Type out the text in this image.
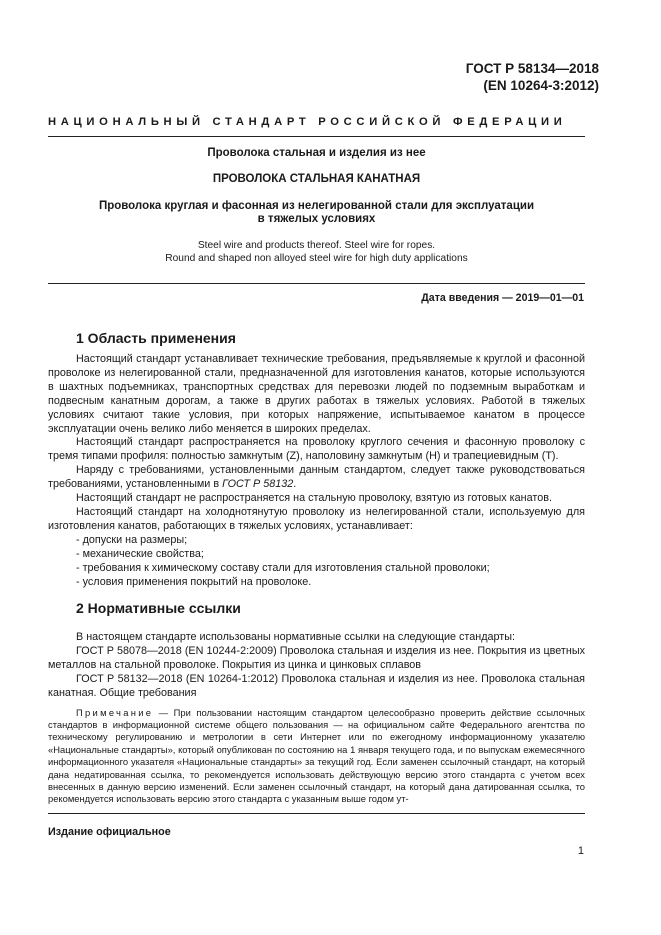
ГОСТ Р 58134—2018
(EN 10264-3:2012)
НАЦИОНАЛЬНЫЙ СТАНДАРТ РОССИЙСКОЙ ФЕДЕРАЦИИ
Проволока стальная и изделия из нее
ПРОВОЛОКА СТАЛЬНАЯ КАНАТНАЯ
Проволока круглая и фасонная из нелегированной стали для эксплуатации
в тяжелых условиях
Steel wire and products thereof. Steel wire for ropes.
Round and shaped non alloyed steel wire for high duty applications
Дата введения — 2019—01—01
1 Область применения

Настоящий стандарт устанавливает технические требования, предъявляемые к круглой и фасонной проволоке из нелегированной стали, предназначенной для изготовления канатов, которые используются в шахтных подъемниках, транспортных средствах для перевозки людей по подземным выработкам и подвесным канатным дорогам, а также в других работах в тяжелых условиях. Работой в тяжелых условиях считают такие условия, при которых напряжение, испытываемое канатом в процессе эксплуатации очень велико либо меняется в широких пределах.

Настоящий стандарт распространяется на проволоку круглого сечения и фасонную проволоку с тремя типами профиля: полностью замкнутым (Z), наполовину замкнутым (H) и трапециевидным (T).

Наряду с требованиями, установленными данным стандартом, следует также руководствоваться требованиями, установленными в ГОСТ Р 58132.

Настоящий стандарт не распространяется на стальную проволоку, взятую из готовых канатов.

Настоящий стандарт на холоднотянутую проволоку из нелегированной стали, используемую для изготовления канатов, работающих в тяжелых условиях, устанавливает:

- допуски на размеры;
- механические свойства;
- требования к химическому составу стали для изготовления стальной проволоки;
- условия применения покрытий на проволоке.
2 Нормативные ссылки

В настоящем стандарте использованы нормативные ссылки на следующие стандарты:

ГОСТ Р 58078—2018 (EN 10244-2:2009) Проволока стальная и изделия из нее. Покрытия из цветных металлов на стальной проволоке. Покрытия из цинка и цинковых сплавов

ГОСТ Р 58132—2018 (EN 10264-1:2012) Проволока стальная и изделия из нее. Проволока стальная канатная. Общие требования

Примечание — При пользовании настоящим стандартом целесообразно проверить действие ссылочных стандартов в информационной системе общего пользования — на официальном сайте Федерального агентства по техническому регулированию и метрологии в сети Интернет или по ежегодному информационному указателю «Национальные стандарты», который опубликован по состоянию на 1 января текущего года, и по выпускам ежемесячного информационного указателя «Национальные стандарты» за текущий год. Если заменен ссылочный стандарт, на который дана недатированная ссылка, то рекомендуется использовать действующую версию этого стандарта с учетом всех внесенных в данную версию изменений. Если заменен ссылочный стандарт, на который дана датированная ссылка, то рекомендуется использовать версию этого стандарта с указанным выше годом ут-

Издание официальное
1
